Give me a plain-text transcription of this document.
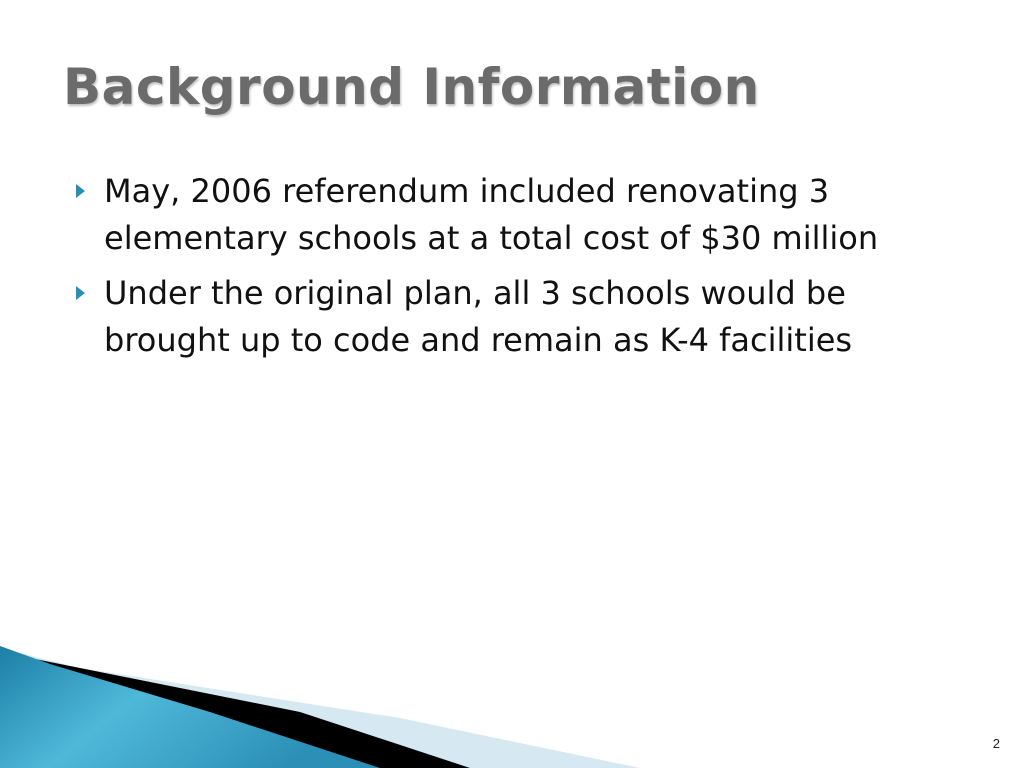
Background Information
May, 2006 referendum included renovating 3 elementary schools at a total cost of $30 million
Under the original plan, all 3 schools would be brought up to code and remain as K-4 facilities
2
